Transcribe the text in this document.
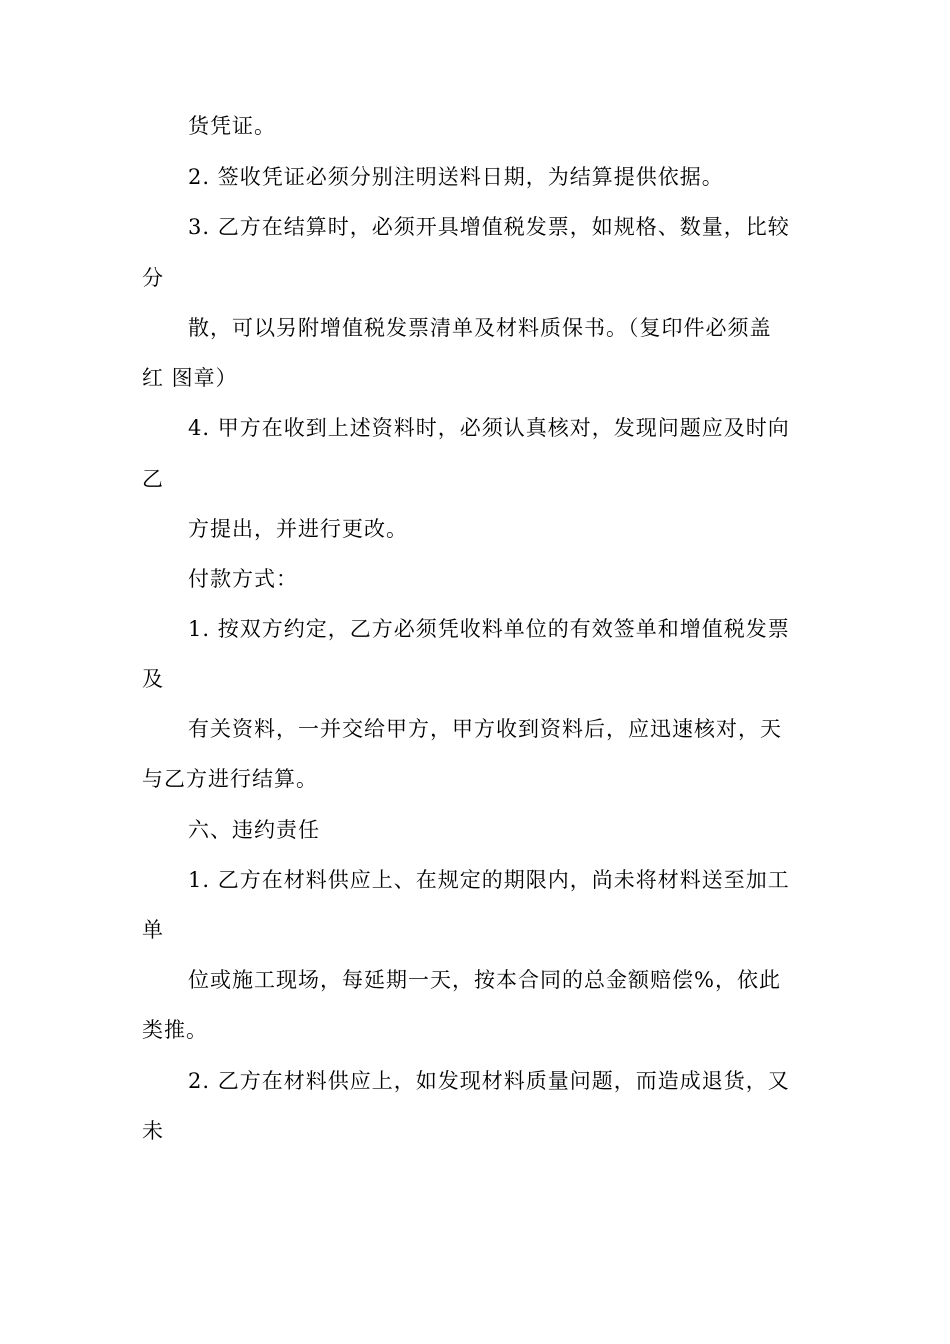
货凭证。
2. 签收凭证必须分别注明送料日期，为结算提供依据。
3. 乙方在结算时，必须开具增值税发票，如规格、数量，比较
分
散，可以另附增值税发票清单及材料质保书。（复印件必须盖
红 图章）
4. 甲方在收到上述资料时，必须认真核对，发现问题应及时向
乙
方提出，并进行更改。
付款方式：
1. 按双方约定，乙方必须凭收料单位的有效签单和增值税发票
及
有关资料，一并交给甲方，甲方收到资料后，应迅速核对，天
与乙方进行结算。
六、违约责任
1. 乙方在材料供应上、在规定的期限内，尚未将材料送至加工
单
位或施工现场，每延期一天，按本合同的总金额赔偿%，依此
类推。
2. 乙方在材料供应上，如发现材料质量问题，而造成退货，又
未
